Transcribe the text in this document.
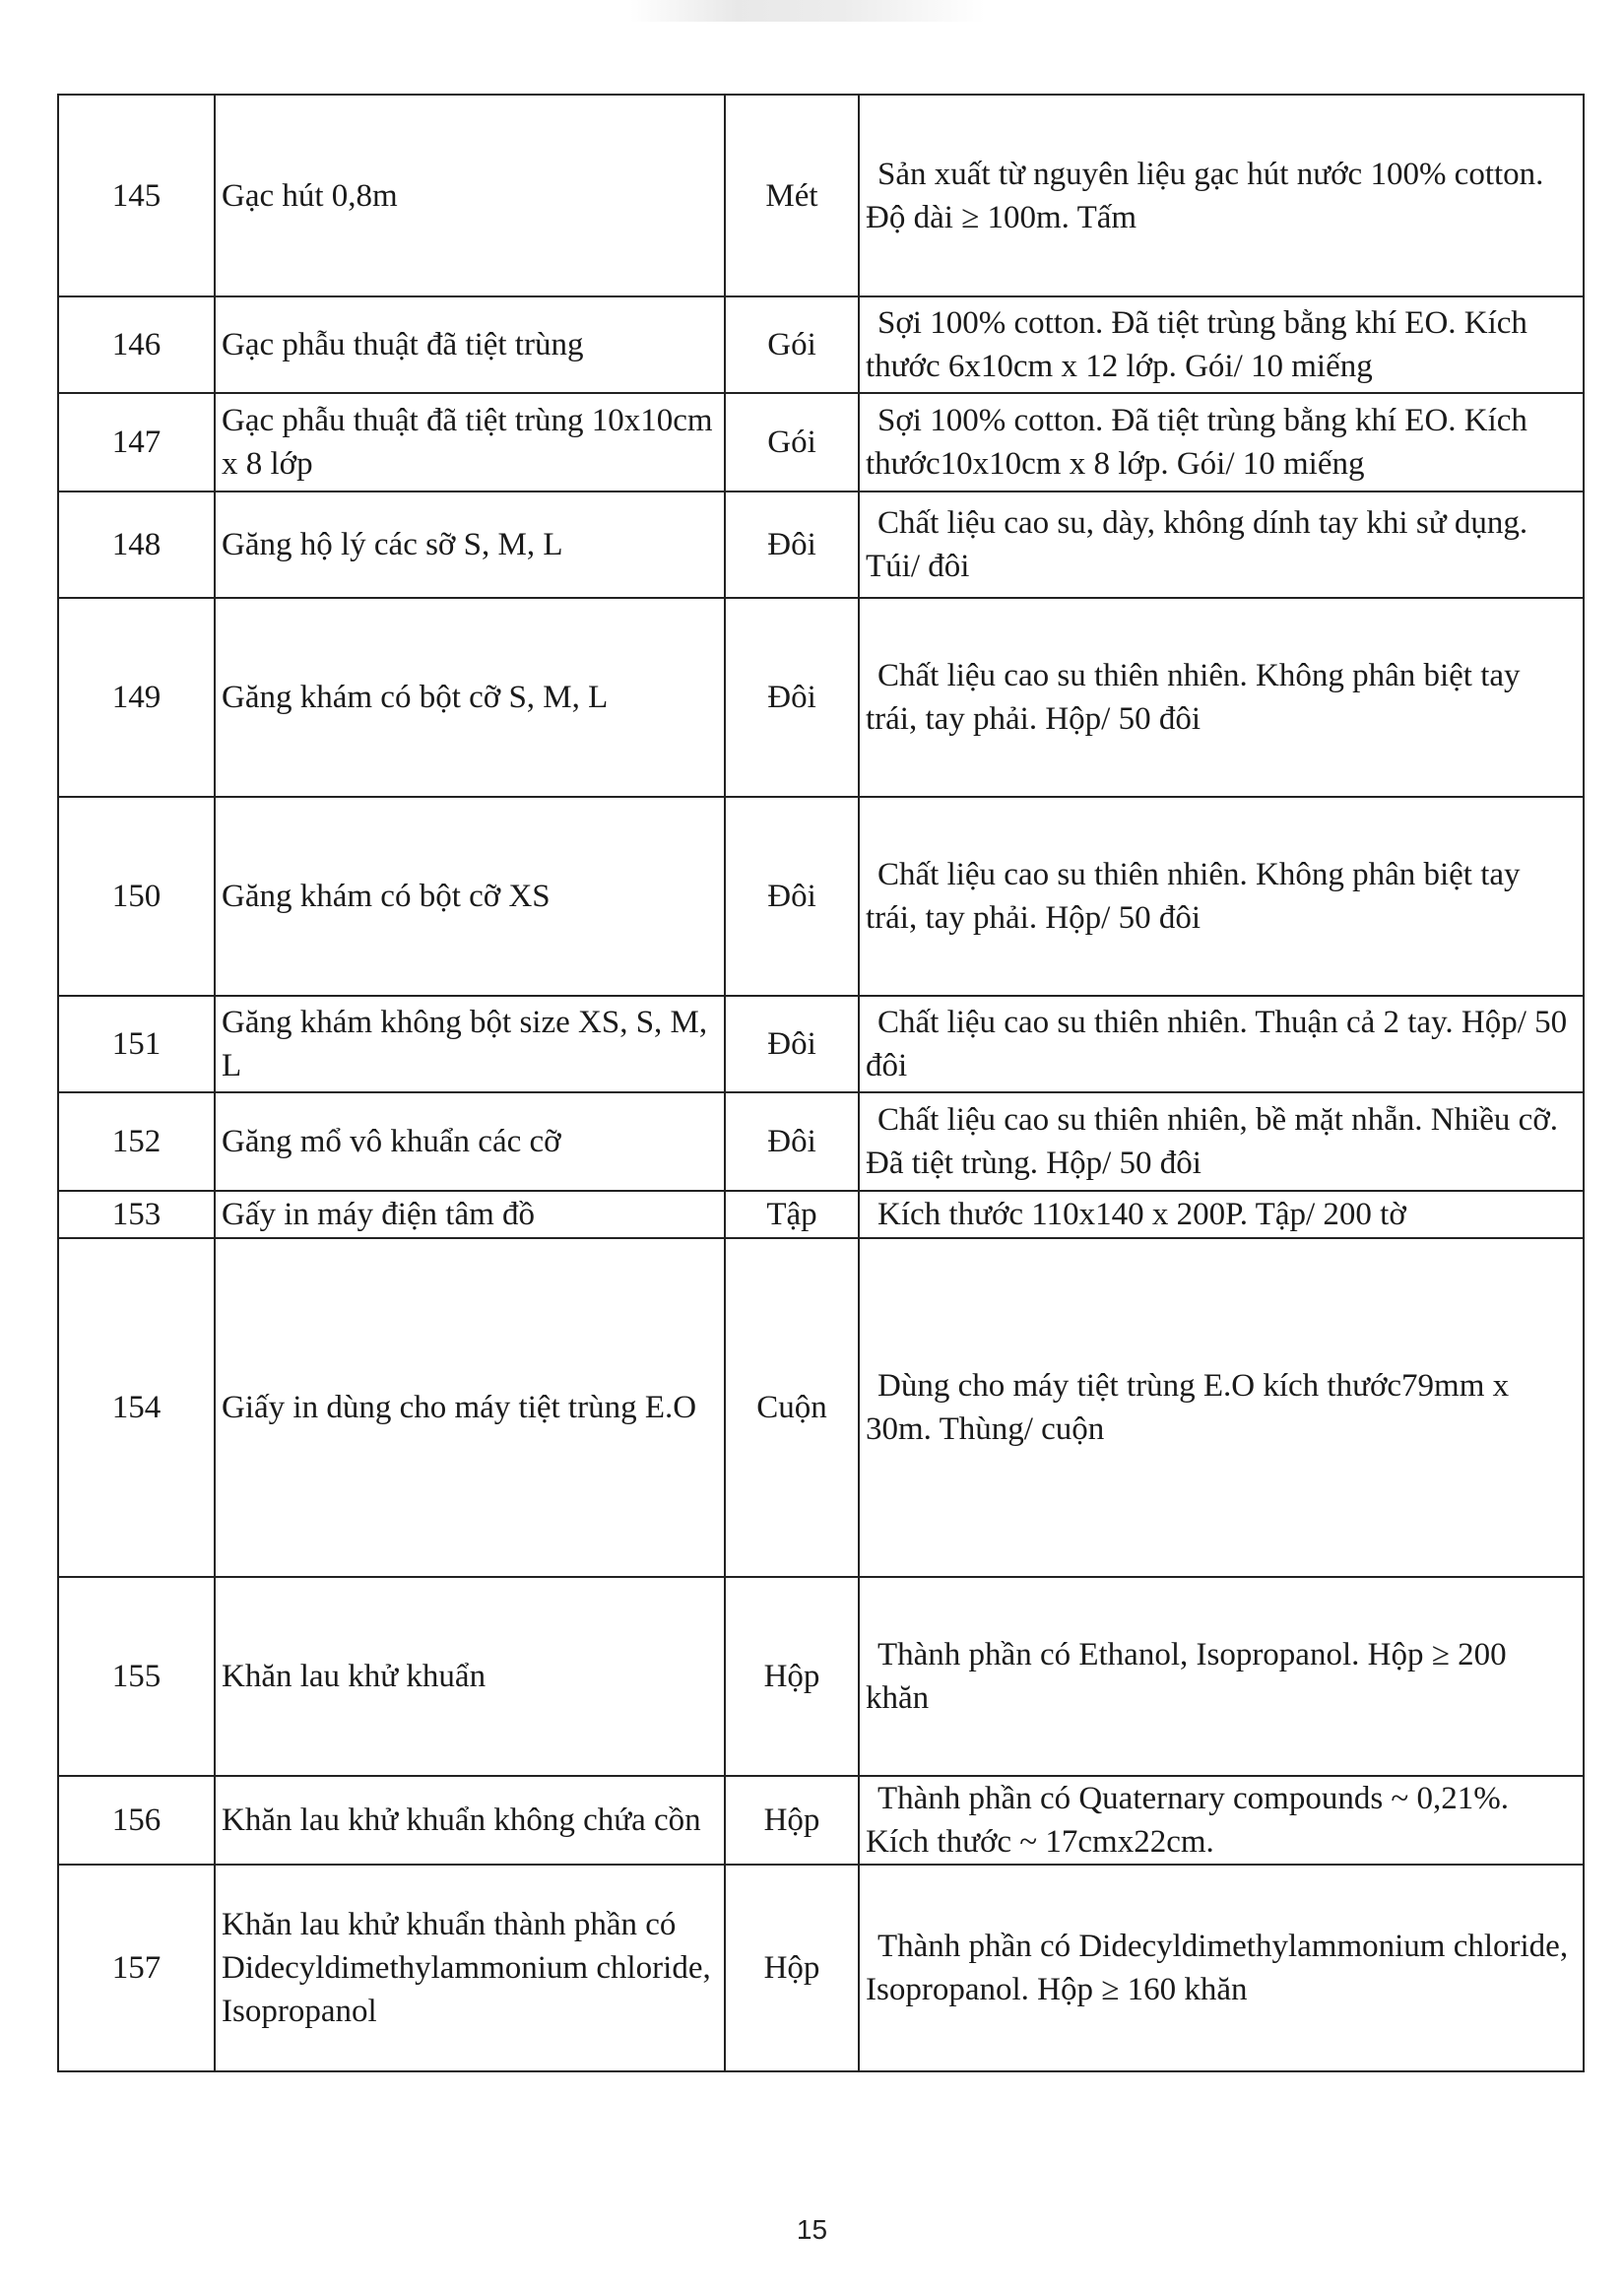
145	Gạc hút 0,8m	Mét	Sản xuất từ nguyên liệu gạc hút nước 100% cotton. Độ dài ≥ 100m. Tấm
146	Gạc phẫu thuật đã tiệt trùng	Gói	Sợi 100% cotton. Đã tiệt trùng bằng khí EO. Kích thước 6x10cm x 12 lớp. Gói/ 10 miếng
147	Gạc phẫu thuật đã tiệt trùng 10x10cm x 8 lớp	Gói	Sợi 100% cotton. Đã tiệt trùng bằng khí EO. Kích thước10x10cm x 8 lớp. Gói/ 10 miếng
148	Găng hộ lý các sỡ S, M, L	Đôi	Chất liệu cao su, dày, không dính tay khi sử dụng. Túi/ đôi
149	Găng khám có bột cỡ S, M, L	Đôi	Chất liệu cao su thiên nhiên. Không phân biệt tay trái, tay phải. Hộp/ 50 đôi
150	Găng khám có bột cỡ XS	Đôi	Chất liệu cao su thiên nhiên. Không phân biệt tay trái, tay phải. Hộp/ 50 đôi
151	Găng khám không bột size XS, S, M, L	Đôi	Chất liệu cao su thiên nhiên. Thuận cả 2 tay. Hộp/ 50 đôi
152	Găng mổ vô khuẩn các cỡ	Đôi	Chất liệu cao su thiên nhiên, bề mặt nhẵn. Nhiều cỡ. Đã tiệt trùng. Hộp/ 50 đôi
153	Gấy in máy điện tâm đồ	Tập	Kích thước 110x140 x 200P. Tập/ 200 tờ
154	Giấy in dùng cho máy tiệt trùng E.O	Cuộn	Dùng cho máy tiệt trùng E.O kích thước79mm x 30m. Thùng/ cuộn
155	Khăn lau khử khuẩn	Hộp	Thành phần có Ethanol, Isopropanol. Hộp ≥ 200 khăn
156	Khăn lau khử khuẩn không chứa cồn	Hộp	Thành phần có Quaternary compounds ~ 0,21%. Kích thước ~ 17cmx22cm.
157	Khăn lau khử khuẩn thành phần có Didecyldimethylammonium chloride, Isopropanol	Hộp	Thành phần có Didecyldimethylammonium chloride, Isopropanol. Hộp ≥ 160 khăn
15
